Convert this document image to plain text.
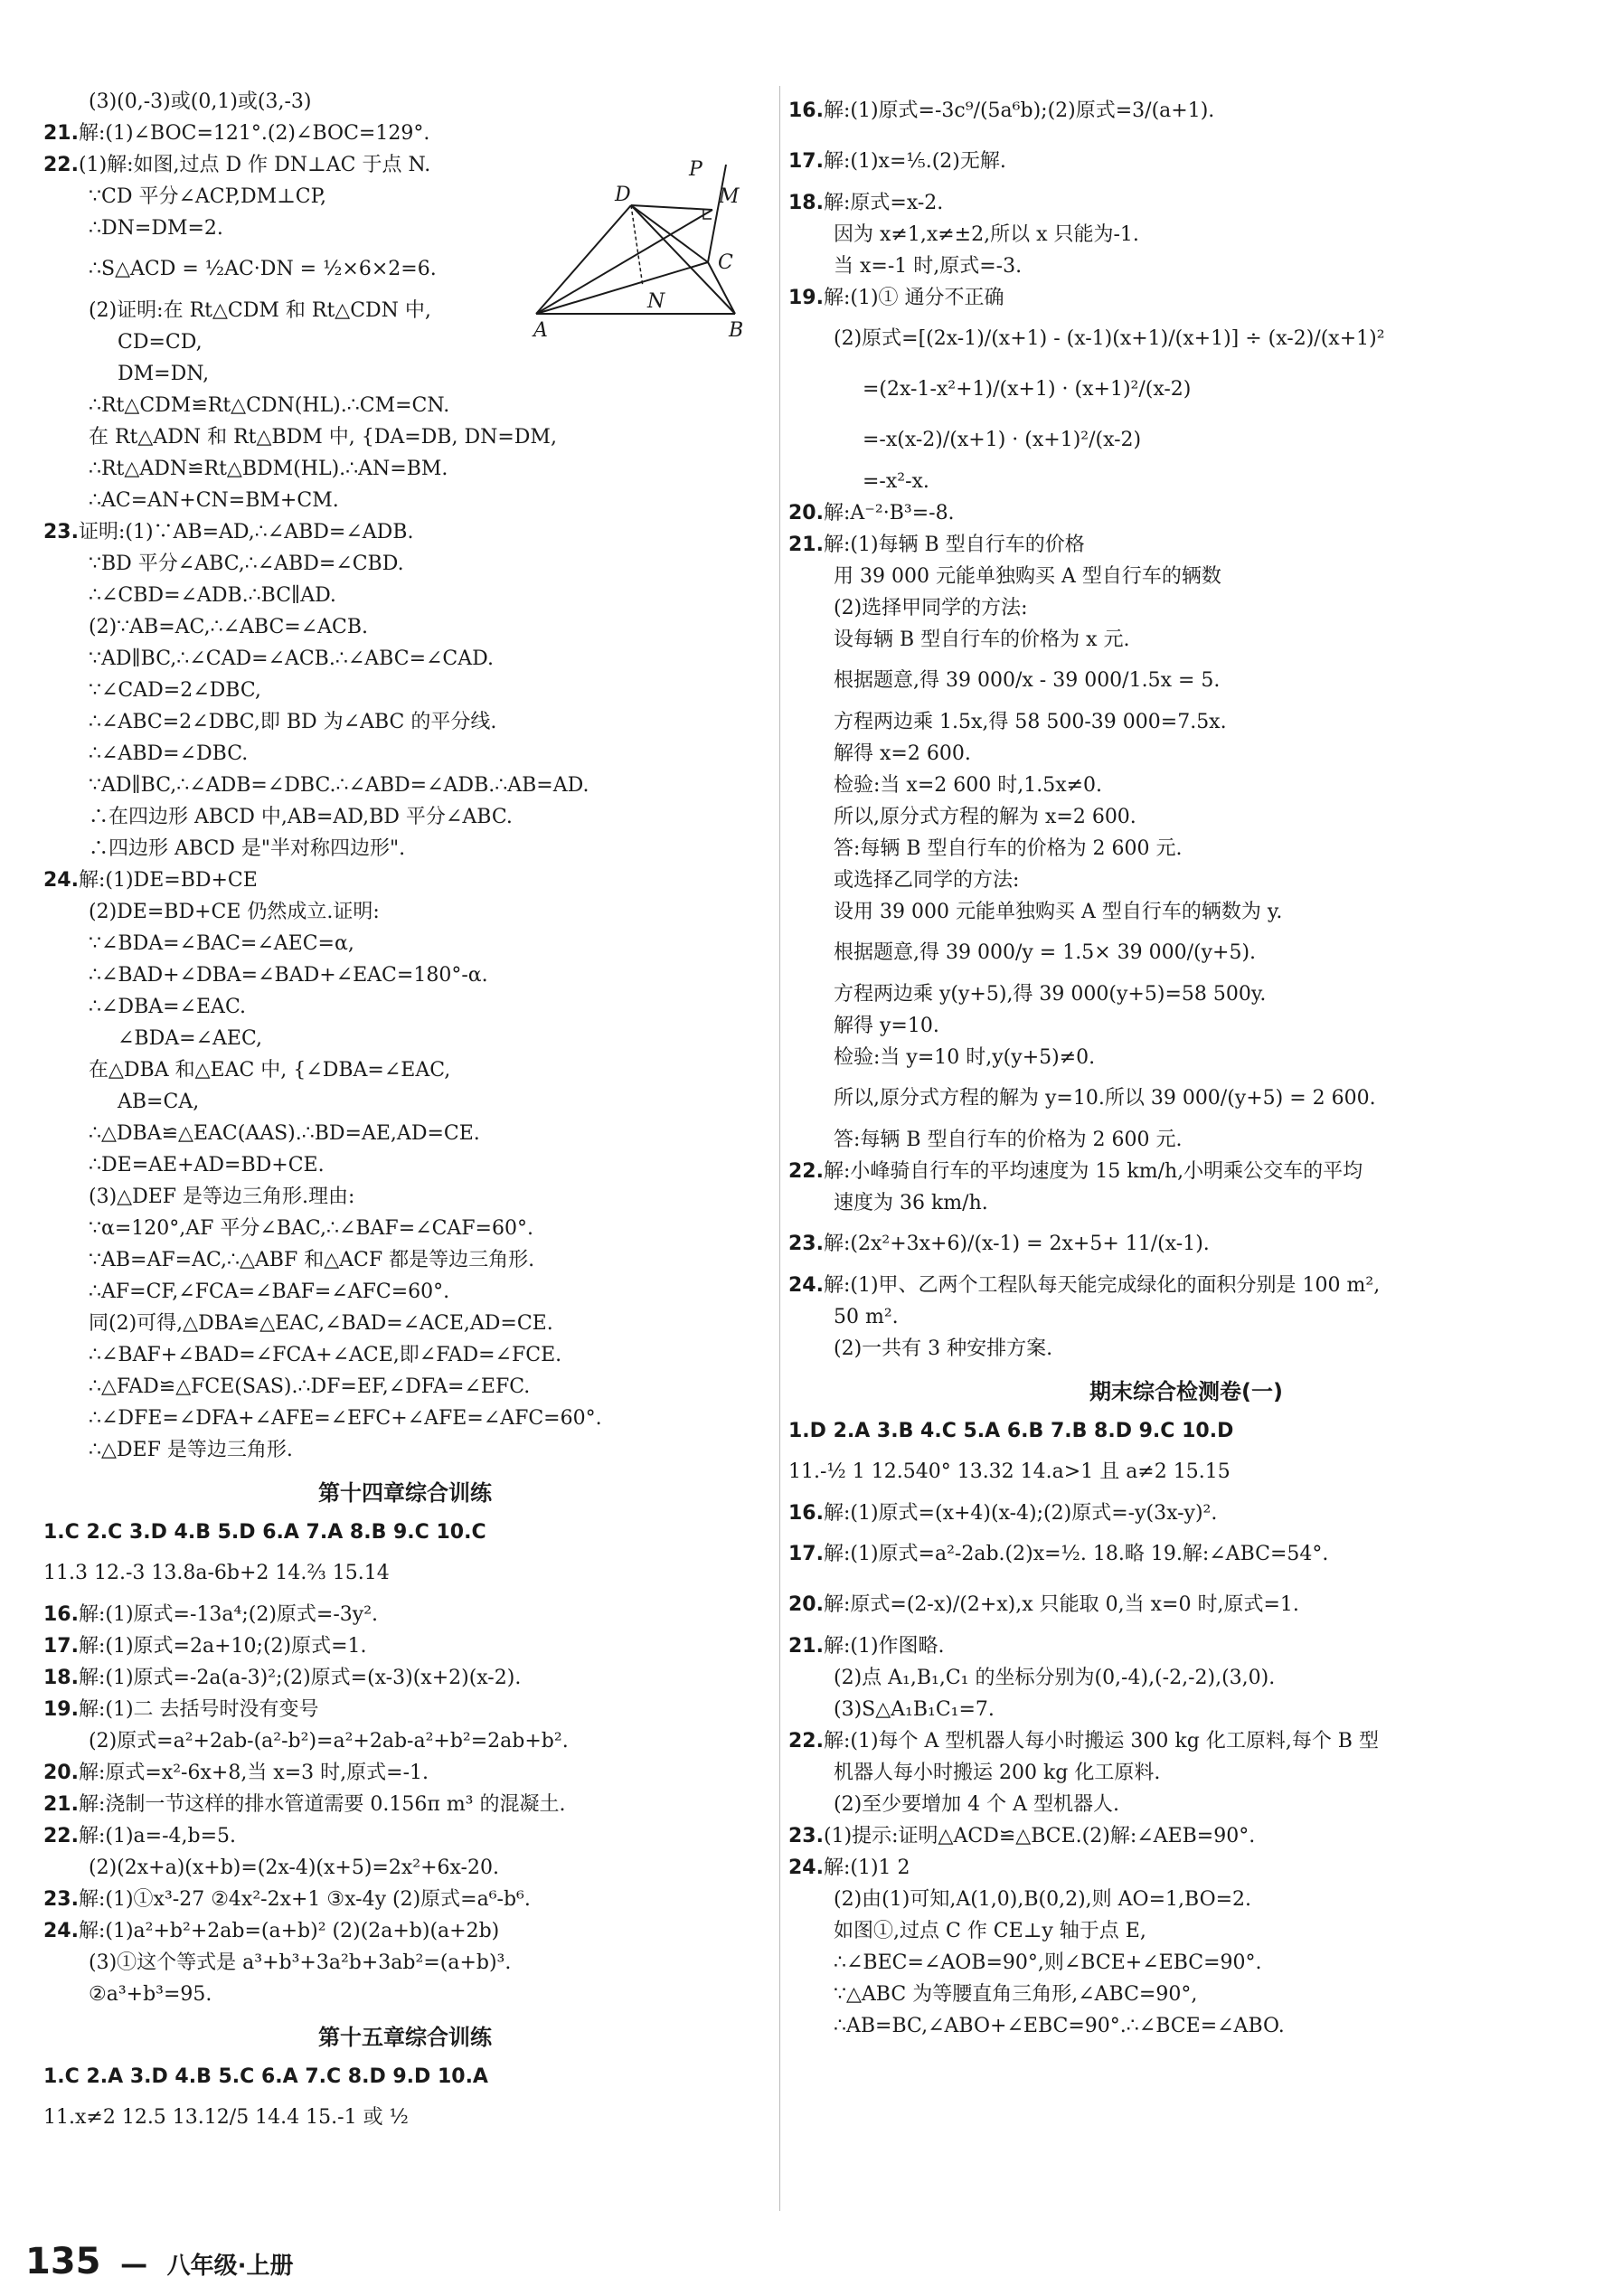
(3)(0,-3)或(0,1)或(3,-3)
21.解:(1)∠BOC=121°.(2)∠BOC=129°.
22.(1)解:如图,过点 D 作 DN⊥AC 于点 N.
∵CD 平分∠ACP,DM⊥CP,
∴DN=DM=2.
∴S△ACD = ½AC·DN = ½×6×2=6.
(2)证明:在 Rt△CDM 和 Rt△CDN 中,
CD=CD,
DM=DN,
∴Rt△CDM≌Rt△CDN(HL).∴CM=CN.
在 Rt△ADN 和 Rt△BDM 中, {DA=DB, DN=DM,
∴Rt△ADN≌Rt△BDM(HL).∴AN=BM.
∴AC=AN+CN=BM+CM.
23.证明:(1)∵AB=AD,∴∠ABD=∠ADB.
∵BD 平分∠ABC,∴∠ABD=∠CBD.
∴∠CBD=∠ADB.∴BC∥AD.
(2)∵AB=AC,∴∠ABC=∠ACB.
∵AD∥BC,∴∠CAD=∠ACB.∴∠ABC=∠CAD.
∵∠CAD=2∠DBC,
∴∠ABC=2∠DBC,即 BD 为∠ABC 的平分线.
∴∠ABD=∠DBC.
∵AD∥BC,∴∠ADB=∠DBC.∴∠ABD=∠ADB.∴AB=AD.
∴在四边形 ABCD 中,AB=AD,BD 平分∠ABC.
∴四边形 ABCD 是"半对称四边形".
24.解:(1)DE=BD+CE
(2)DE=BD+CE 仍然成立.证明:
∵∠BDA=∠BAC=∠AEC=α,
∴∠BAD+∠DBA=∠BAD+∠EAC=180°-α.
∴∠DBA=∠EAC.
∠BDA=∠AEC,
在△DBA 和△EAC 中, {∠DBA=∠EAC,
AB=CA,
∴△DBA≌△EAC(AAS).∴BD=AE,AD=CE.
∴DE=AE+AD=BD+CE.
(3)△DEF 是等边三角形.理由:
∵α=120°,AF 平分∠BAC,∴∠BAF=∠CAF=60°.
∵AB=AF=AC,∴△ABF 和△ACF 都是等边三角形.
∴AF=CF,∠FCA=∠BAF=∠AFC=60°.
同(2)可得,△DBA≌△EAC,∠BAD=∠ACE,AD=CE.
∴∠BAF+∠BAD=∠FCA+∠ACE,即∠FAD=∠FCE.
∴△FAD≌△FCE(SAS).∴DF=EF,∠DFA=∠EFC.
∴∠DFE=∠DFA+∠AFE=∠EFC+∠AFE=∠AFC=60°.
∴△DEF 是等边三角形.
第十四章综合训练
1.C 2.C 3.D 4.B 5.D 6.A 7.A 8.B 9.C 10.C
11.3 12.-3 13.8a-6b+2 14.⅔ 15.14
16.解:(1)原式=-13a⁴;(2)原式=-3y².
17.解:(1)原式=2a+10;(2)原式=1.
18.解:(1)原式=-2a(a-3)²;(2)原式=(x-3)(x+2)(x-2).
19.解:(1)二 去括号时没有变号
(2)原式=a²+2ab-(a²-b²)=a²+2ab-a²+b²=2ab+b².
20.解:原式=x²-6x+8,当 x=3 时,原式=-1.
21.解:浇制一节这样的排水管道需要 0.156π m³ 的混凝土.
22.解:(1)a=-4,b=5.
(2)(2x+a)(x+b)=(2x-4)(x+5)=2x²+6x-20.
23.解:(1)①x³-27 ②4x²-2x+1 ③x-4y (2)原式=a⁶-b⁶.
24.解:(1)a²+b²+2ab=(a+b)² (2)(2a+b)(a+2b)
(3)①这个等式是 a³+b³+3a²b+3ab²=(a+b)³.
②a³+b³=95.
第十五章综合训练
1.C 2.A 3.D 4.B 5.C 6.A 7.C 8.D 9.D 10.A
11.x≠2 12.5 13.12/5 14.4 15.-1 或 ½
16.解:(1)原式=-3c⁹/(5a⁶b);(2)原式=3/(a+1).
17.解:(1)x=⅕.(2)无解.
18.解:原式=x-2.
因为 x≠1,x≠±2,所以 x 只能为-1.
当 x=-1 时,原式=-3.
19.解:(1)① 通分不正确
(2)原式=[(2x-1)/(x+1) - (x-1)(x+1)/(x+1)] ÷ (x-2)/(x+1)²
=(2x-1-x²+1)/(x+1) · (x+1)²/(x-2)
=-x(x-2)/(x+1) · (x+1)²/(x-2)
=-x²-x.
20.解:A⁻²·B³=-8.
21.解:(1)每辆 B 型自行车的价格
用 39 000 元能单独购买 A 型自行车的辆数
(2)选择甲同学的方法:
设每辆 B 型自行车的价格为 x 元.
根据题意,得 39 000/x - 39 000/1.5x = 5.
方程两边乘 1.5x,得 58 500-39 000=7.5x.
解得 x=2 600.
检验:当 x=2 600 时,1.5x≠0.
所以,原分式方程的解为 x=2 600.
答:每辆 B 型自行车的价格为 2 600 元.
或选择乙同学的方法:
设用 39 000 元能单独购买 A 型自行车的辆数为 y.
根据题意,得 39 000/y = 1.5× 39 000/(y+5).
方程两边乘 y(y+5),得 39 000(y+5)=58 500y.
解得 y=10.
检验:当 y=10 时,y(y+5)≠0.
所以,原分式方程的解为 y=10.所以 39 000/(y+5) = 2 600.
答:每辆 B 型自行车的价格为 2 600 元.
22.解:小峰骑自行车的平均速度为 15 km/h,小明乘公交车的平均
速度为 36 km/h.
23.解:(2x²+3x+6)/(x-1) = 2x+5+ 11/(x-1).
24.解:(1)甲、乙两个工程队每天能完成绿化的面积分别是 100 m²,
50 m².
(2)一共有 3 种安排方案.
期末综合检测卷(一)
1.D 2.A 3.B 4.C 5.A 6.B 7.B 8.D 9.C 10.D
11.-½ 1 12.540° 13.32 14.a>1 且 a≠2 15.15
16.解:(1)原式=(x+4)(x-4);(2)原式=-y(3x-y)².
17.解:(1)原式=a²-2ab.(2)x=½. 18.略 19.解:∠ABC=54°.
20.解:原式=(2-x)/(2+x),x 只能取 0,当 x=0 时,原式=1.
21.解:(1)作图略.
(2)点 A₁,B₁,C₁ 的坐标分别为(0,-4),(-2,-2),(3,0).
(3)S△A₁B₁C₁=7.
22.解:(1)每个 A 型机器人每小时搬运 300 kg 化工原料,每个 B 型
机器人每小时搬运 200 kg 化工原料.
(2)至少要增加 4 个 A 型机器人.
23.(1)提示:证明△ACD≌△BCE.(2)解:∠AEB=90°.
24.解:(1)1 2
(2)由(1)可知,A(1,0),B(0,2),则 AO=1,BO=2.
如图①,过点 C 作 CE⊥y 轴于点 E,
∴∠BEC=∠AOB=90°,则∠BCE+∠EBC=90°.
∵△ABC 为等腰直角三角形,∠ABC=90°,
∴AB=BC,∠ABO+∠EBC=90°.∴∠BCE=∠ABO.
P
M
D
C
N
A	B
135 — 八年级·上册
